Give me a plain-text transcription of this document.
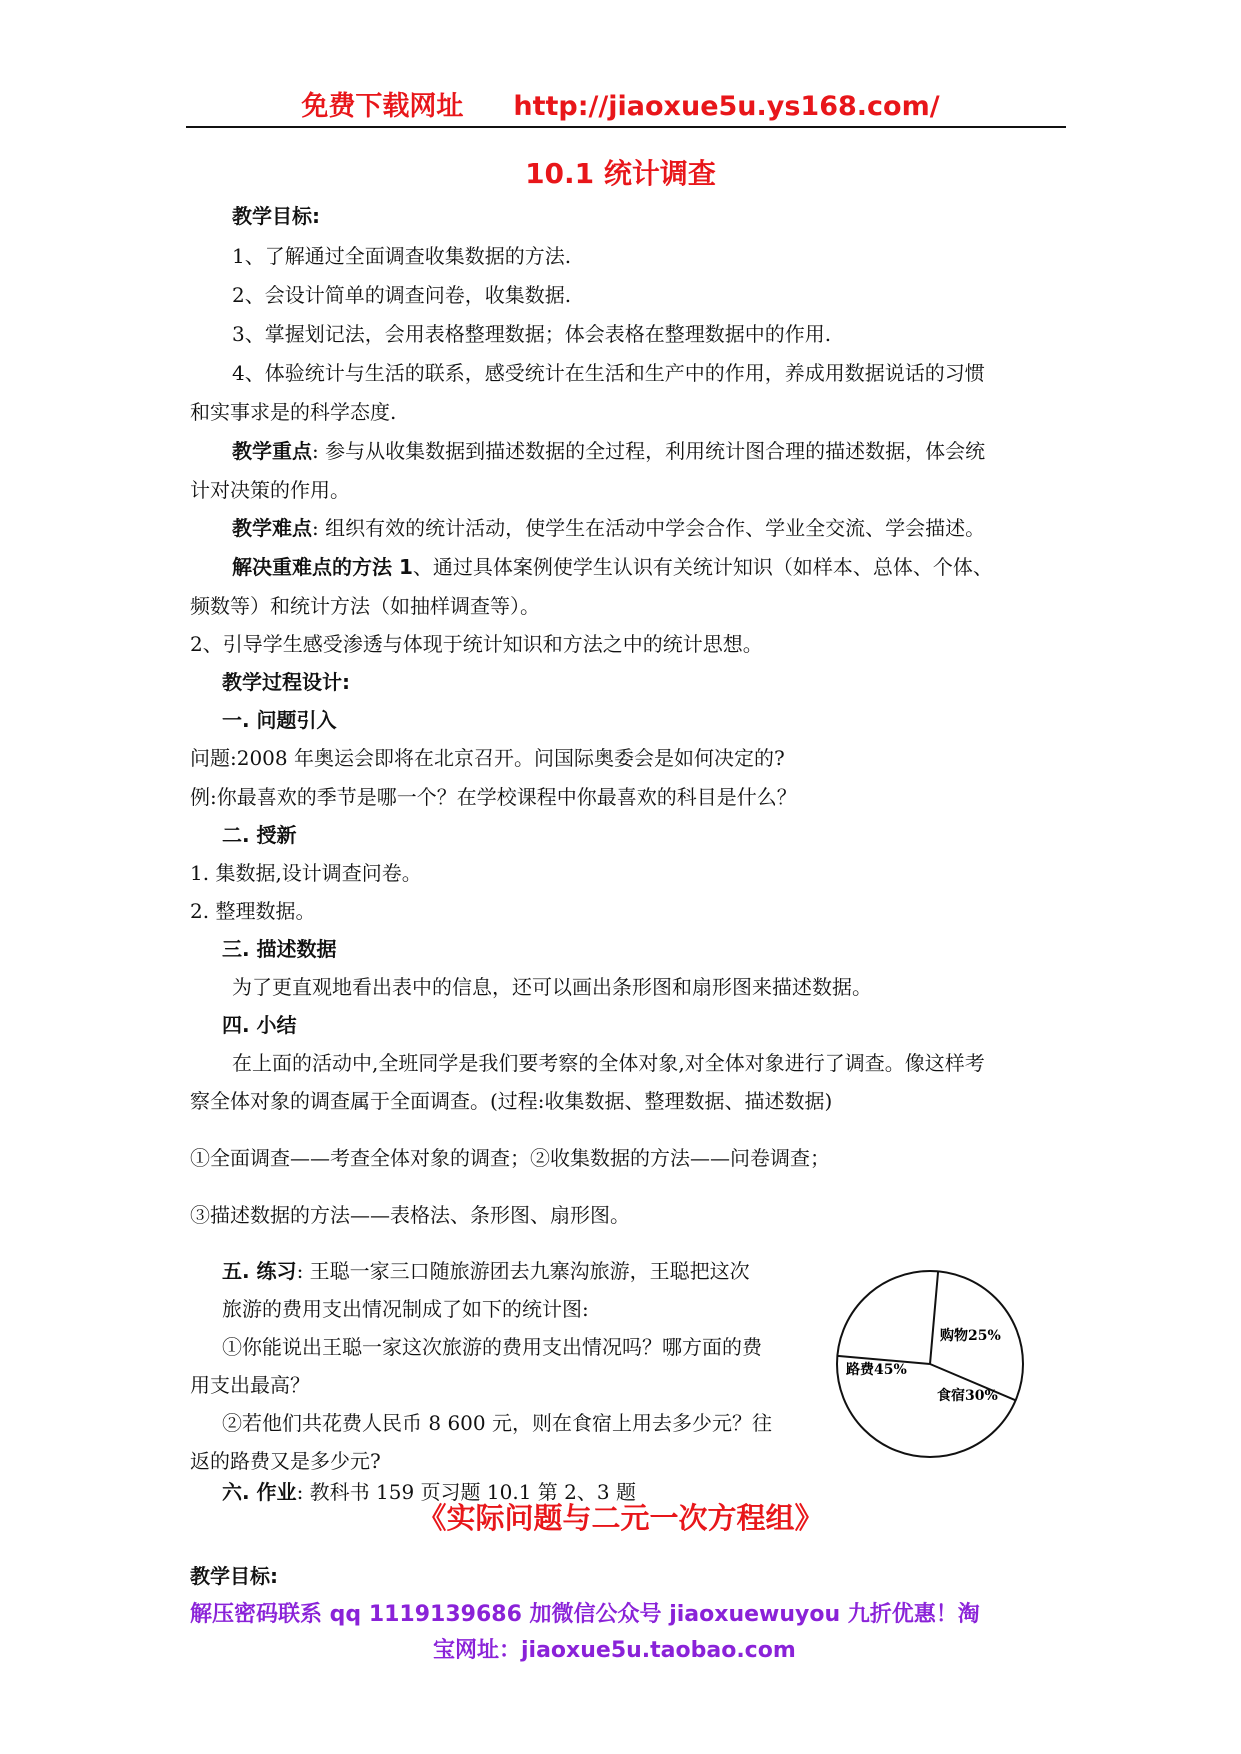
免费下载网址 http://jiaoxue5u.ys168.com/
10.1 统计调查
教学目标:
1、了解通过全面调查收集数据的方法.
2、会设计简单的调查问卷，收集数据.
3、掌握划记法，会用表格整理数据；体会表格在整理数据中的作用.
4、体验统计与生活的联系，感受统计在生活和生产中的作用，养成用数据说话的习惯
和实事求是的科学态度.
教学重点: 参与从收集数据到描述数据的全过程，利用统计图合理的描述数据，体会统
计对决策的作用。
教学难点: 组织有效的统计活动，使学生在活动中学会合作、学业全交流、学会描述。
解决重难点的方法 1、通过具体案例使学生认识有关统计知识（如样本、总体、个体、
频数等）和统计方法（如抽样调查等）。
2、引导学生感受渗透与体现于统计知识和方法之中的统计思想。
教学过程设计:
一. 问题引入
问题:2008 年奥运会即将在北京召开。问国际奥委会是如何决定的?
例:你最喜欢的季节是哪一个？在学校课程中你最喜欢的科目是什么？
二. 授新
1. 集数据,设计调查问卷。
2. 整理数据。
三. 描述数据
为了更直观地看出表中的信息，还可以画出条形图和扇形图来描述数据。
四. 小结
在上面的活动中,全班同学是我们要考察的全体对象,对全体对象进行了调查。像这样考
察全体对象的调查属于全面调查。(过程:收集数据、整理数据、描述数据)
①全面调查——考查全体对象的调查；②收集数据的方法——问卷调查；
③描述数据的方法——表格法、条形图、扇形图。
五. 练习: 王聪一家三口随旅游团去九寨沟旅游，王聪把这次
旅游的费用支出情况制成了如下的统计图:
①你能说出王聪一家这次旅游的费用支出情况吗？哪方面的费
用支出最高？
②若他们共花费人民币 8 600 元，则在食宿上用去多少元？往
返的路费又是多少元?
购物25%
食宿30%
路费45%
六. 作业: 教科书 159 页习题 10.1 第 2、3 题
《实际问题与二元一次方程组》
教学目标:
解压密码联系 qq 1119139686 加微信公众号 jiaoxuewuyou 九折优惠！淘
宝网址：jiaoxue5u.taobao.com
